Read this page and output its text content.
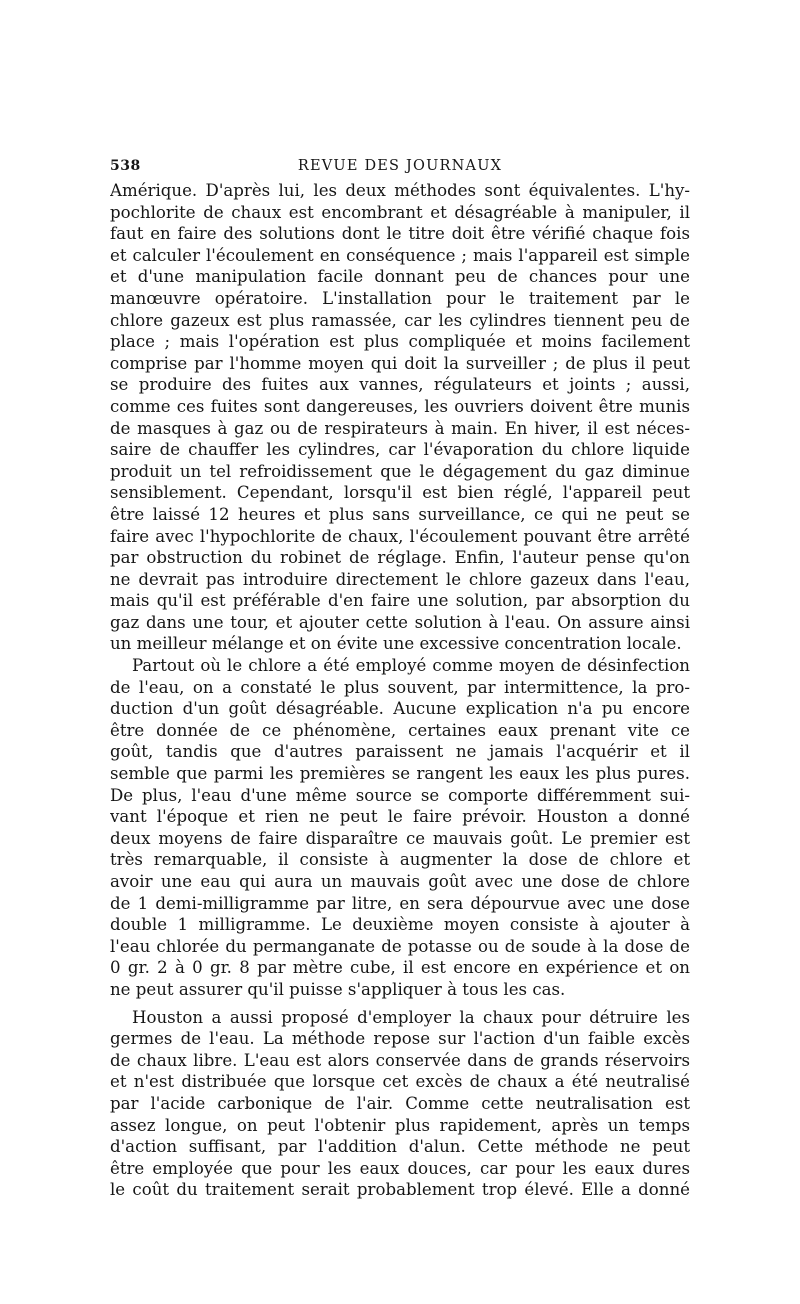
538	REVUE DES JOURNAUX
Amérique. D'après lui, les deux méthodes sont équivalentes. L'hy-
pochlorite de chaux est encombrant et désagréable à manipuler, il
faut en faire des solutions dont le titre doit être vérifié chaque fois
et calculer l'écoulement en conséquence ; mais l'appareil est simple
et d'une manipulation facile donnant peu de chances pour une
manœuvre opératoire. L'installation pour le traitement par le
chlore gazeux est plus ramassée, car les cylindres tiennent peu de
place ; mais l'opération est plus compliquée et moins facilement
comprise par l'homme moyen qui doit la surveiller ; de plus il peut
se produire des fuites aux vannes, régulateurs et joints ; aussi,
comme ces fuites sont dangereuses, les ouvriers doivent être munis
de masques à gaz ou de respirateurs à main. En hiver, il est néces-
saire de chauffer les cylindres, car l'évaporation du chlore liquide
produit un tel refroidissement que le dégagement du gaz diminue
sensiblement. Cependant, lorsqu'il est bien réglé, l'appareil peut
être laissé 12 heures et plus sans surveillance, ce qui ne peut se
faire avec l'hypochlorite de chaux, l'écoulement pouvant être arrêté
par obstruction du robinet de réglage. Enfin, l'auteur pense qu'on
ne devrait pas introduire directement le chlore gazeux dans l'eau,
mais qu'il est préférable d'en faire une solution, par absorption du
gaz dans une tour, et ajouter cette solution à l'eau. On assure ainsi
un meilleur mélange et on évite une excessive concentration locale.
Partout où le chlore a été employé comme moyen de désinfection
de l'eau, on a constaté le plus souvent, par intermittence, la pro-
duction d'un goût désagréable. Aucune explication n'a pu encore
être donnée de ce phénomène, certaines eaux prenant vite ce
goût, tandis que d'autres paraissent ne jamais l'acquérir et il
semble que parmi les premières se rangent les eaux les plus pures.
De plus, l'eau d'une même source se comporte différemment sui-
vant l'époque et rien ne peut le faire prévoir. Houston a donné
deux moyens de faire disparaître ce mauvais goût. Le premier est
très remarquable, il consiste à augmenter la dose de chlore et
avoir une eau qui aura un mauvais goût avec une dose de chlore
de 1 demi-milligramme par litre, en sera dépourvue avec une dose
double 1 milligramme. Le deuxième moyen consiste à ajouter à
l'eau chlorée du permanganate de potasse ou de soude à la dose de
0 gr. 2 à 0 gr. 8 par mètre cube, il est encore en expérience et on
ne peut assurer qu'il puisse s'appliquer à tous les cas.
Houston a aussi proposé d'employer la chaux pour détruire les
germes de l'eau. La méthode repose sur l'action d'un faible excès
de chaux libre. L'eau est alors conservée dans de grands réservoirs
et n'est distribuée que lorsque cet excès de chaux a été neutralisé
par l'acide carbonique de l'air. Comme cette neutralisation est
assez longue, on peut l'obtenir plus rapidement, après un temps
d'action suffisant, par l'addition d'alun. Cette méthode ne peut
être employée que pour les eaux douces, car pour les eaux dures
le coût du traitement serait probablement trop élevé. Elle a donné
